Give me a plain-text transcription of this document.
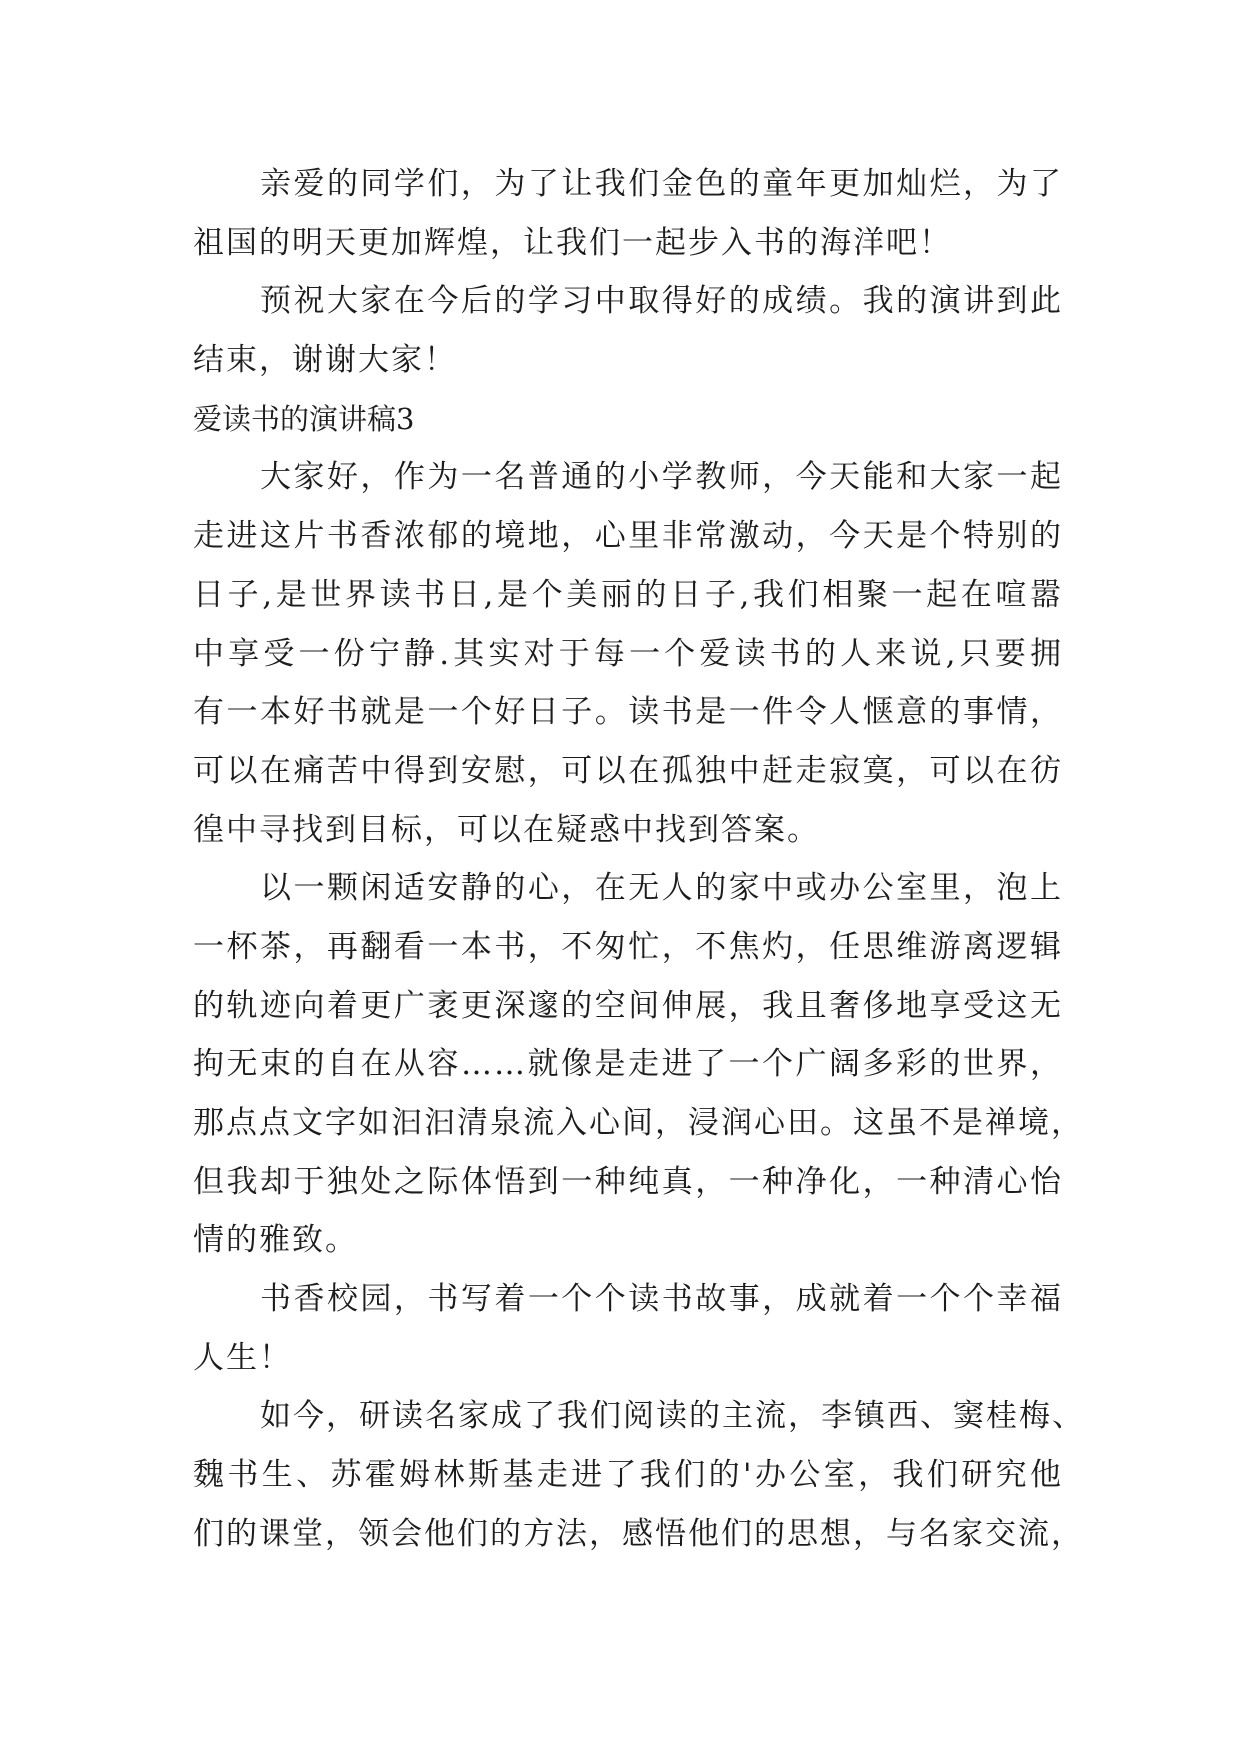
亲爱的同学们，为了让我们金色的童年更加灿烂，为了
祖国的明天更加辉煌，让我们一起步入书的海洋吧！
预祝大家在今后的学习中取得好的成绩。我的演讲到此
结束，谢谢大家！
爱读书的演讲稿3
大家好，作为一名普通的小学教师，今天能和大家一起
走进这片书香浓郁的境地，心里非常激动，今天是个特别的
日子,是世界读书日,是个美丽的日子,我们相聚一起在喧嚣
中享受一份宁静.其实对于每一个爱读书的人来说,只要拥
有一本好书就是一个好日子。读书是一件令人惬意的事情，
可以在痛苦中得到安慰，可以在孤独中赶走寂寞，可以在彷
徨中寻找到目标，可以在疑惑中找到答案。
以一颗闲适安静的心，在无人的家中或办公室里，泡上
一杯茶，再翻看一本书，不匆忙，不焦灼，任思维游离逻辑
的轨迹向着更广袤更深邃的空间伸展，我且奢侈地享受这无
拘无束的自在从容……就像是走进了一个广阔多彩的世界，
那点点文字如汩汩清泉流入心间，浸润心田。这虽不是禅境，
但我却于独处之际体悟到一种纯真，一种净化，一种清心怡
情的雅致。
书香校园，书写着一个个读书故事，成就着一个个幸福
人生！
如今，研读名家成了我们阅读的主流，李镇西、窦桂梅、
魏书生、苏霍姆林斯基走进了我们的'办公室，我们研究他
们的课堂，领会他们的方法，感悟他们的思想，与名家交流，
